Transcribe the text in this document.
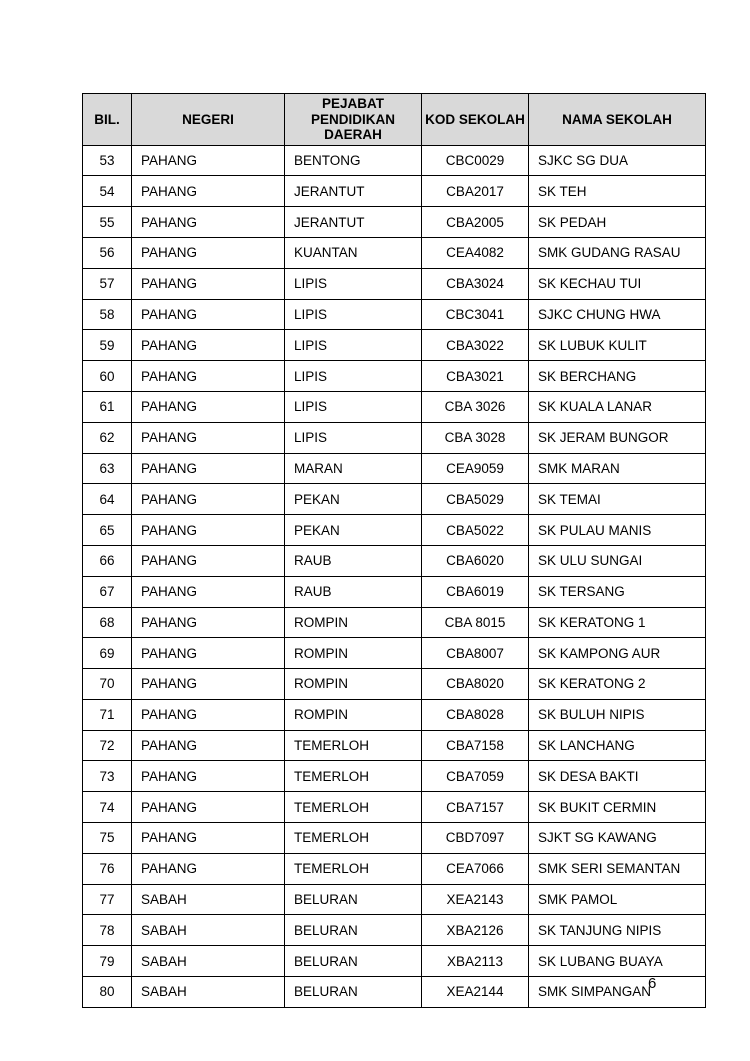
BIL.	NEGERI	PEJABAT PENDIDIKAN DAERAH	KOD SEKOLAH	NAMA SEKOLAH
53	PAHANG	BENTONG	CBC0029	SJKC SG DUA
54	PAHANG	JERANTUT	CBA2017	SK TEH
55	PAHANG	JERANTUT	CBA2005	SK PEDAH
56	PAHANG	KUANTAN	CEA4082	SMK GUDANG RASAU
57	PAHANG	LIPIS	CBA3024	SK KECHAU TUI
58	PAHANG	LIPIS	CBC3041	SJKC CHUNG HWA
59	PAHANG	LIPIS	CBA3022	SK LUBUK KULIT
60	PAHANG	LIPIS	CBA3021	SK BERCHANG
61	PAHANG	LIPIS	CBA 3026	SK KUALA LANAR
62	PAHANG	LIPIS	CBA 3028	SK JERAM BUNGOR
63	PAHANG	MARAN	CEA9059	SMK MARAN
64	PAHANG	PEKAN	CBA5029	SK TEMAI
65	PAHANG	PEKAN	CBA5022	SK PULAU MANIS
66	PAHANG	RAUB	CBA6020	SK ULU SUNGAI
67	PAHANG	RAUB	CBA6019	SK TERSANG
68	PAHANG	ROMPIN	CBA 8015	SK KERATONG 1
69	PAHANG	ROMPIN	CBA8007	SK KAMPONG AUR
70	PAHANG	ROMPIN	CBA8020	SK KERATONG 2
71	PAHANG	ROMPIN	CBA8028	SK BULUH NIPIS
72	PAHANG	TEMERLOH	CBA7158	SK LANCHANG
73	PAHANG	TEMERLOH	CBA7059	SK DESA BAKTI
74	PAHANG	TEMERLOH	CBA7157	SK BUKIT CERMIN
75	PAHANG	TEMERLOH	CBD7097	SJKT SG KAWANG
76	PAHANG	TEMERLOH	CEA7066	SMK SERI SEMANTAN
77	SABAH	BELURAN	XEA2143	SMK PAMOL
78	SABAH	BELURAN	XBA2126	SK TANJUNG NIPIS
79	SABAH	BELURAN	XBA2113	SK LUBANG BUAYA
80	SABAH	BELURAN	XEA2144	SMK SIMPANGAN
6
